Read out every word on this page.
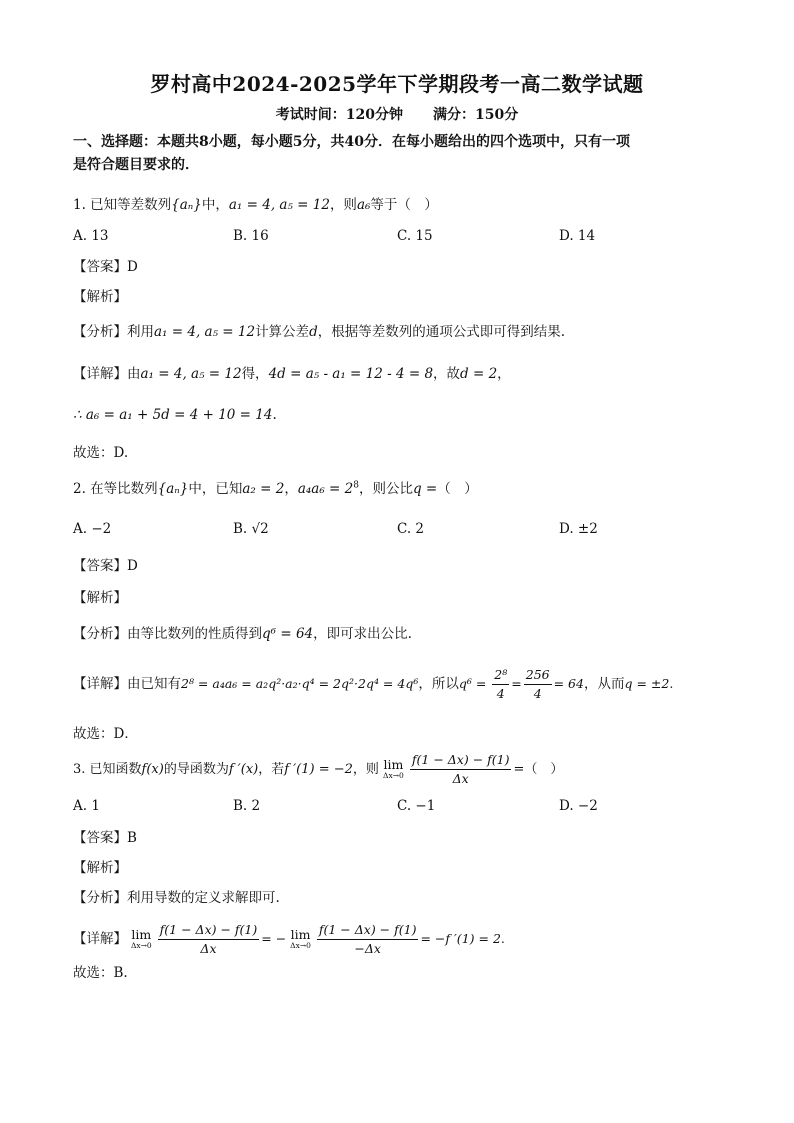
罗村高中2024-2025学年下学期段考一高二数学试题
考试时间：120分钟 满分：150分
一、选择题：本题共8小题，每小题5分，共40分．在每小题给出的四个选项中，只有一项
是符合题目要求的．
1. 已知等差数列{aₙ}中，a₁ = 4, a₅ = 12，则a₆等于（　）
A. 13	B. 16	C. 15	D. 14
【答案】D
【解析】
【分析】利用a₁ = 4, a₅ = 12计算公差d，根据等差数列的通项公式即可得到结果.
【详解】由a₁ = 4, a₅ = 12得，4d = a₅ - a₁ = 12 - 4 = 8，故d = 2，
∴ a₆ = a₁ + 5d = 4 + 10 = 14.
故选：D.
2. 在等比数列{aₙ}中，已知a₂ = 2，$a_4a_6 = 2^8$，则公比q =（　）
A. −2	B. √2	C. 2	D. ±2
【答案】D
【解析】
【分析】由等比数列的性质得到q⁶ = 64，即可求出公比.
【详解】由已知有2⁸ = a₄a₆ = a₂q²·a₂·q⁴ = 2q²·2q⁴ = 4q⁶，所以$q^6 = \frac{\text{2⁸}}{4} = \frac{256}{4} = 64$，从而q = ±2.
故选：D．
3. 已知函数f(x)的导函数为f ′(x)，若f ′(1) = −2，则 lim
Δx→0
$\frac{f(1 - \Delta x) - f(1)}{\Delta x}$ =（　）
A. 1	B. 2	C. −1	D. −2
【答案】B
【解析】
【分析】利用导数的定义求解即可.
【详解】 lim
Δx→0
$\frac{f(1 - \Delta x) - f(1)}{\Delta x}$ = − lim
Δx→0
$\frac{f(1 - \Delta x) - f(1)}{-\Delta x} = -f$ ′(1) = 2.
故选：B.
